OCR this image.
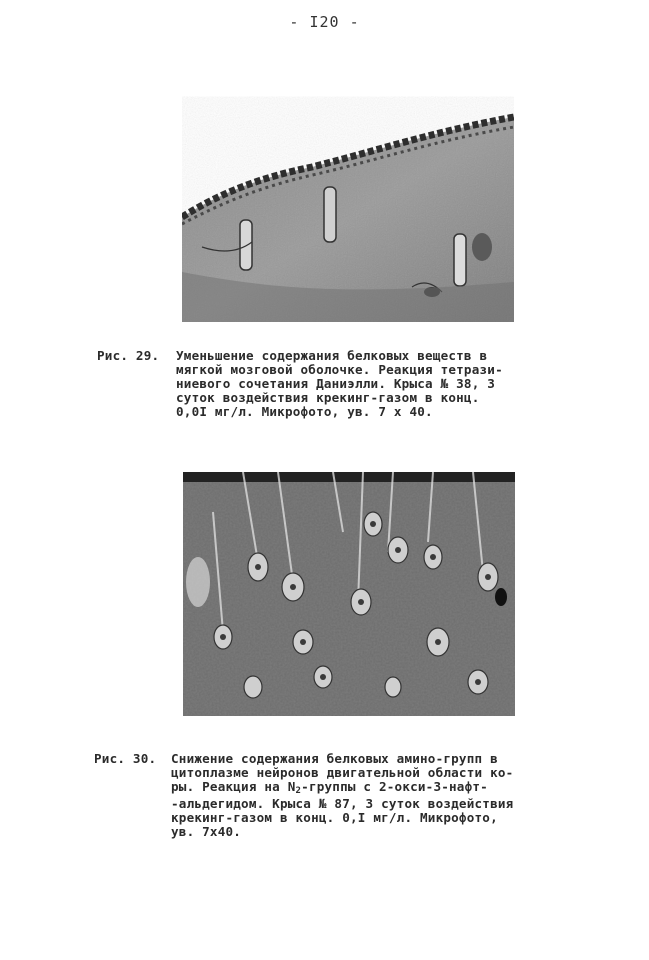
- I20 -
Рис. 29. Уменьшение содержания белковых веществ в
мягкой мозговой оболочке. Реакция тетрази-
ниевого сочетания Даниэлли. Крыса № 38, 3
суток воздействия крекинг-газом в конц.
0,0I мг/л. Микрофото, ув. 7 х 40.
Рис. 30. Снижение содержания белковых амино-групп в
цитоплазме нейронов двигательной области ко-
ры. Реакция на $N_2$-группы с 2-окси-3-нафт-
-альдегидом. Крыса № 87, 3 суток воздействия
крекинг-газом в конц. 0,I мг/л. Микрофото,
ув. 7х40.
